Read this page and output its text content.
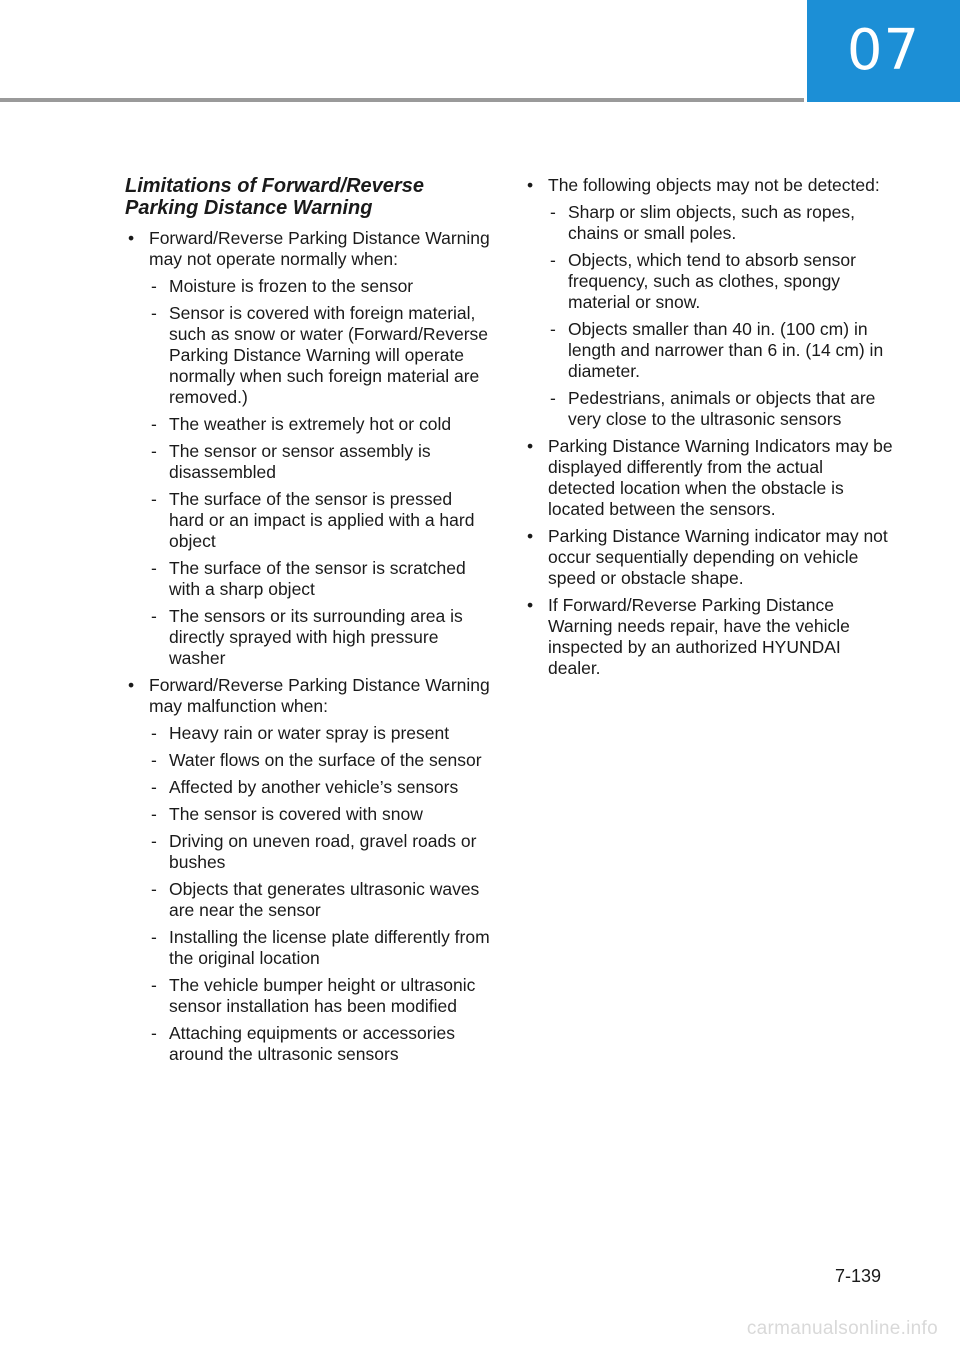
07
Limitations of Forward/Reverse Parking Distance Warning
• Forward/Reverse Parking Distance Warning may not operate normally when:
- Moisture is frozen to the sensor
- Sensor is covered with foreign material, such as snow or water (Forward/Reverse Parking Distance Warning will operate normally when such foreign material are removed.)
- The weather is extremely hot or cold
- The sensor or sensor assembly is disassembled
- The surface of the sensor is pressed hard or an impact is applied with a hard object
- The surface of the sensor is scratched with a sharp object
- The sensors or its surrounding area is directly sprayed with high pressure washer
• Forward/Reverse Parking Distance Warning may malfunction when:
- Heavy rain or water spray is present
- Water flows on the surface of the sensor
- Affected by another vehicle’s sensors
- The sensor is covered with snow
- Driving on uneven road, gravel roads or bushes
- Objects that generates ultrasonic waves are near the sensor
- Installing the license plate differently from the original location
- The vehicle bumper height or ultrasonic sensor installation has been modified
- Attaching equipments or accessories around the ultrasonic sensors
• The following objects may not be detected:
- Sharp or slim objects, such as ropes, chains or small poles.
- Objects, which tend to absorb sensor frequency, such as clothes, spongy material or snow.
- Objects smaller than 40 in. (100 cm) in length and narrower than 6 in. (14 cm) in diameter.
- Pedestrians, animals or objects that are very close to the ultrasonic sensors
• Parking Distance Warning Indicators may be displayed differently from the actual detected location when the obstacle is located between the sensors.
• Parking Distance Warning indicator may not occur sequentially depending on vehicle speed or obstacle shape.
• If Forward/Reverse Parking Distance Warning needs repair, have the vehicle inspected by an authorized HYUNDAI dealer.
7-139
carmanualsonline.info
